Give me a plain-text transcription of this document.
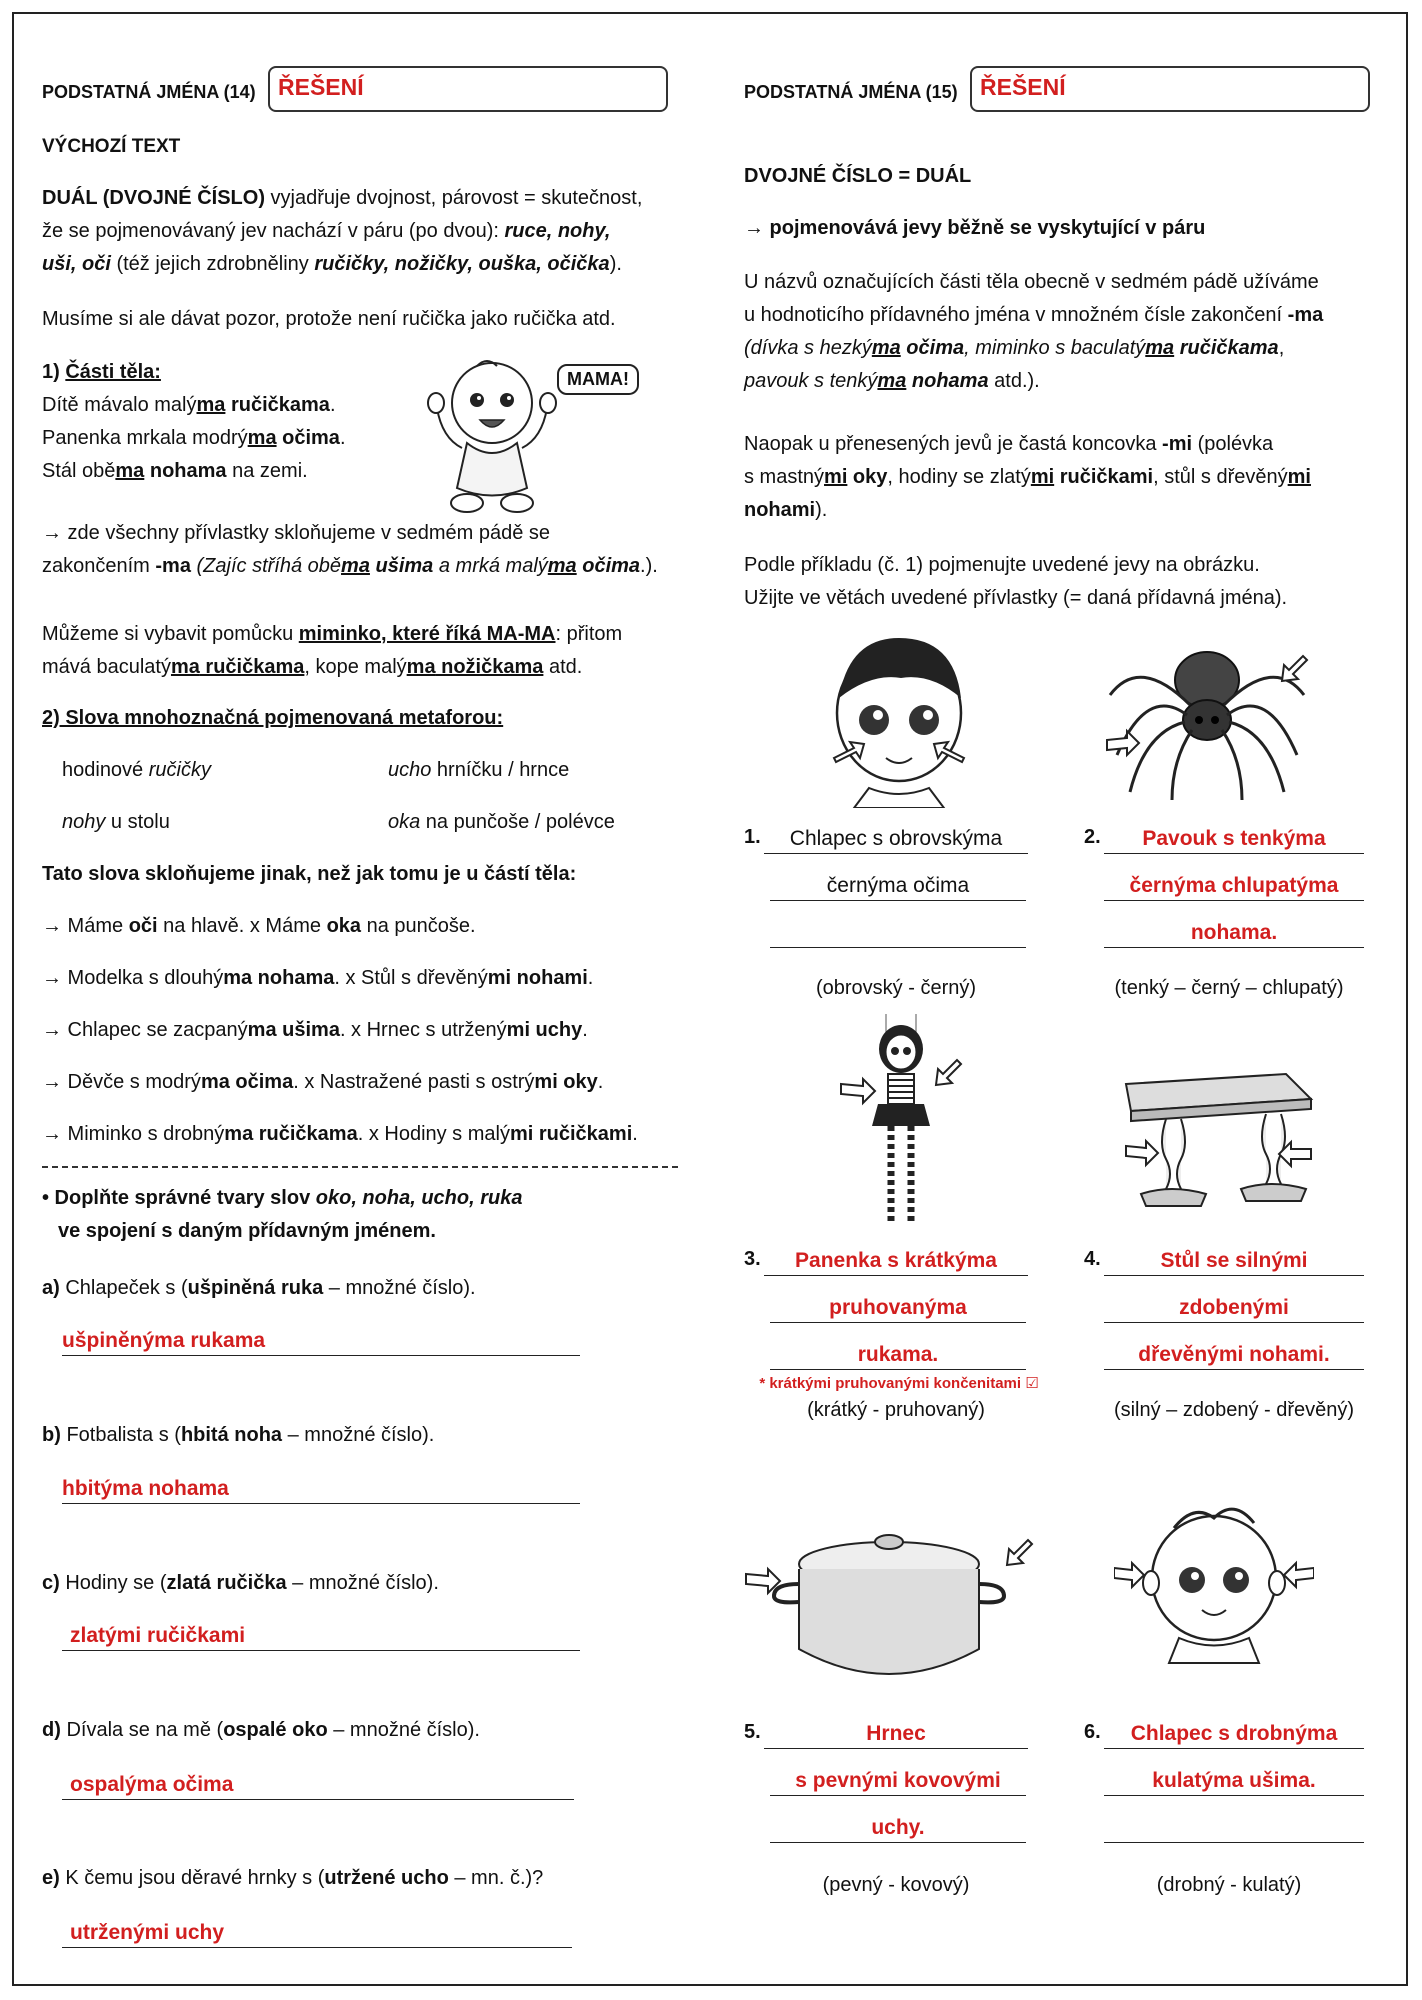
PODSTATNÁ JMÉNA (14) ŘEŠENÍ
VÝCHOZÍ TEXT
DUÁL (DVOJNÉ ČÍSLO) vyjadřuje dvojnost, párovost = skutečnost,
že se pojmenovávaný jev nachází v páru (po dvou): ruce, nohy,
uši, oči (též jejich zdrobněliny ručičky, nožičky, ouška, očička).
Musíme si ale dávat pozor, protože není ručička jako ručička atd.
1) Části těla:
Dítě mávalo malýma ručičkama.
Panenka mrkala modrýma očima.
Stál oběma nohama na zemi.
MAMA!
→ zde všechny přívlastky skloňujeme v sedmém pádě se
zakončením -ma (Zajíc stříhá oběma ušima a mrká malýma očima.).
Můžeme si vybavit pomůcku miminko, které říká MA-MA: přitom
mává baculatýma ručičkama, kope malýma nožičkama atd.
2) Slova mnohoznačná pojmenovaná metaforou:
hodinové ručičky	ucho hrníčku / hrnce
nohy u stolu	oka na punčoše / polévce
Tato slova skloňujeme jinak, než jak tomu je u částí těla:
→ Máme oči na hlavě. x Máme oka na punčoše.
→ Modelka s dlouhýma nohama. x Stůl s dřevěnými nohami.
→ Chlapec se zacpanýma ušima. x Hrnec s utrženými uchy.
→ Děvče s modrýma očima. x Nastražené pasti s ostrými oky.
→ Miminko s drobnýma ručičkama. x Hodiny s malými ručičkami.
• Doplňte správné tvary slov oko, noha, ucho, ruka
ve spojení s daným přídavným jménem.
a) Chlapeček s (ušpiněná ruka – množné číslo).
ušpiněnýma rukama
b) Fotbalista s (hbitá noha – množné číslo).
hbitýma nohama
c) Hodiny se (zlatá ručička – množné číslo).
zlatými ručičkami
d) Dívala se na mě (ospalé oko – množné číslo).
ospalýma očima
e) K čemu jsou děravé hrnky s (utržené ucho – mn. č.)?
utrženými uchy
PODSTATNÁ JMÉNA (15) ŘEŠENÍ
DVOJNÉ ČÍSLO = DUÁL
→ pojmenovává jevy běžně se vyskytující v páru
U názvů označujících části těla obecně v sedmém pádě užíváme
u hodnoticího přídavného jména v množném čísle zakončení -ma
(dívka s hezkýma očima, miminko s baculatýma ručičkama,
pavouk s tenkýma nohama atd.).
Naopak u přenesených jevů je častá koncovka -mi (polévka
s mastnými oky, hodiny se zlatými ručičkami, stůl s dřevěnými
nohami).
Podle příkladu (č. 1) pojmenujte uvedené jevy na obrázku.
Užijte ve větách uvedené přívlastky (= daná přídavná jména).
1.	Chlapec s obrovskýma
černýma očima
(obrovský - černý)
2.	Pavouk s tenkýma
černýma chlupatýma
nohama.
(tenký – černý – chlupatý)
3.	Panenka s krátkýma
pruhovanýma
rukama.
* krátkými pruhovanými končenitami ☑
(krátký - pruhovaný)
4.	Stůl se silnými
zdobenými
dřevěnými nohami.
(silný – zdobený - dřevěný)
5.	Hrnec
s pevnými kovovými
uchy.
(pevný - kovový)
6.	Chlapec s drobnýma
kulatýma ušima.
(drobný - kulatý)
